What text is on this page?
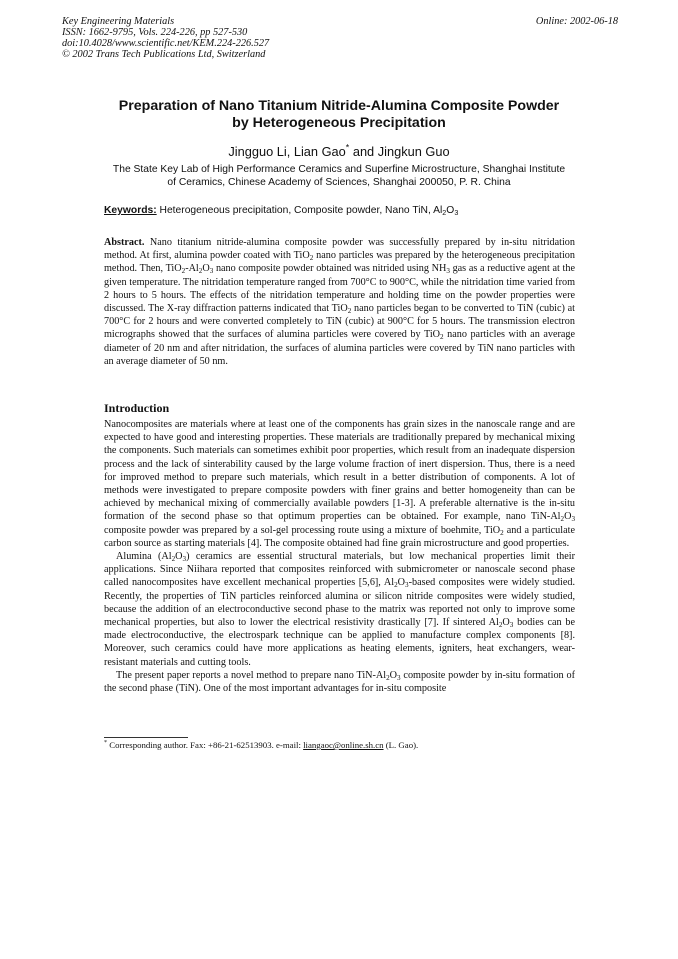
Key Engineering Materials
ISSN: 1662-9795, Vols. 224-226, pp 527-530
doi:10.4028/www.scientific.net/KEM.224-226.527
© 2002 Trans Tech Publications Ltd, Switzerland
Online: 2002-06-18
Preparation of Nano Titanium Nitride-Alumina Composite Powder
by Heterogeneous Precipitation
Jingguo Li, Lian Gao* and Jingkun Guo
The State Key Lab of High Performance Ceramics and Superfine Microstructure, Shanghai Institute
of Ceramics, Chinese Academy of Sciences, Shanghai 200050, P. R. China
Keywords: Heterogeneous precipitation, Composite powder, Nano TiN, $Al_2O_3$
Abstract. Nano titanium nitride-alumina composite powder was successfully prepared by in-situ nitridation method. At first, alumina powder coated with TiO$_2$ nano particles was prepared by the heterogeneous precipitation method. Then, $TiO_2-Al_2O_3$ nano composite powder obtained was nitrided using $NH_3$ gas as a reductive agent at the given temperature. The nitridation temperature ranged from 700°C to 900°C, while the nitridation time varied from 2 hours to 5 hours. The effects of the nitridation temperature and holding time on the powder properties were discussed. The X-ray diffraction patterns indicated that TiO$_2$ nano particles began to be converted to TiN (cubic) at 700°C for 2 hours and were converted completely to TiN (cubic) at 900°C for 5 hours. The transmission electron micrographs showed that the surfaces of alumina particles were covered by TiO$_2$ nano particles with an average diameter of 20 nm and after nitridation, the surfaces of alumina particles were covered by TiN nano particles with an average diameter of 50 nm.
Introduction

Nanocomposites are materials where at least one of the components has grain sizes in the nanoscale range and are expected to have good and interesting properties. These materials are traditionally prepared by mechanical mixing the components. Such materials can sometimes exhibit poor properties, which result from an inadequate dispersion process and the lack of sinterability caused by the large volume fraction of inert dispersion. Thus, there is a need for improved method to prepare such materials, which result in a better distribution of components. A lot of methods were investigated to prepare composite powders with finer grains and better homogeneity than can be achieved by mechanical mixing of commercially available powders [1-3]. A preferable alternative is the in-situ formation of the second phase so that optimum properties can be obtained. For example, nano TiN-$Al_2O_3$ composite powder was prepared by a sol-gel processing route using a mixture of boehmite, TiO$_2$ and a particulate carbon source as starting materials [4]. The composite obtained had fine grain microstructure and good properties.

Alumina $(Al_2O_3)$ ceramics are essential structural materials, but low mechanical properties limit their applications. Since Niihara reported that composites reinforced with submicrometer or nanoscale second phase called nanocomposites have excellent mechanical properties [5,6], $Al_2O_3$-based composites were widely studied. Recently, the properties of TiN particles reinforced alumina or silicon nitride composites were widely studied, because the addition of an electroconductive second phase to the matrix was reported not only to improve some mechanical properties, but also to lower the electrical resistivity drastically [7]. If sintered $Al_2O_3$ bodies can be made electroconductive, the electrospark technique can be applied to manufacture complex components [8]. Moreover, such ceramics could have more applications as heating elements, igniters, heat exchangers, wear-resistant materials and cutting tools.

The present paper reports a novel method to prepare nano TiN-$Al_2O_3$ composite powder by in-situ formation of the second phase (TiN). One of the most important advantages for in-situ composite

* Corresponding author. Fax: +86-21-62513903. e-mail: liangaoc@online.sh.cn (L. Gao).
